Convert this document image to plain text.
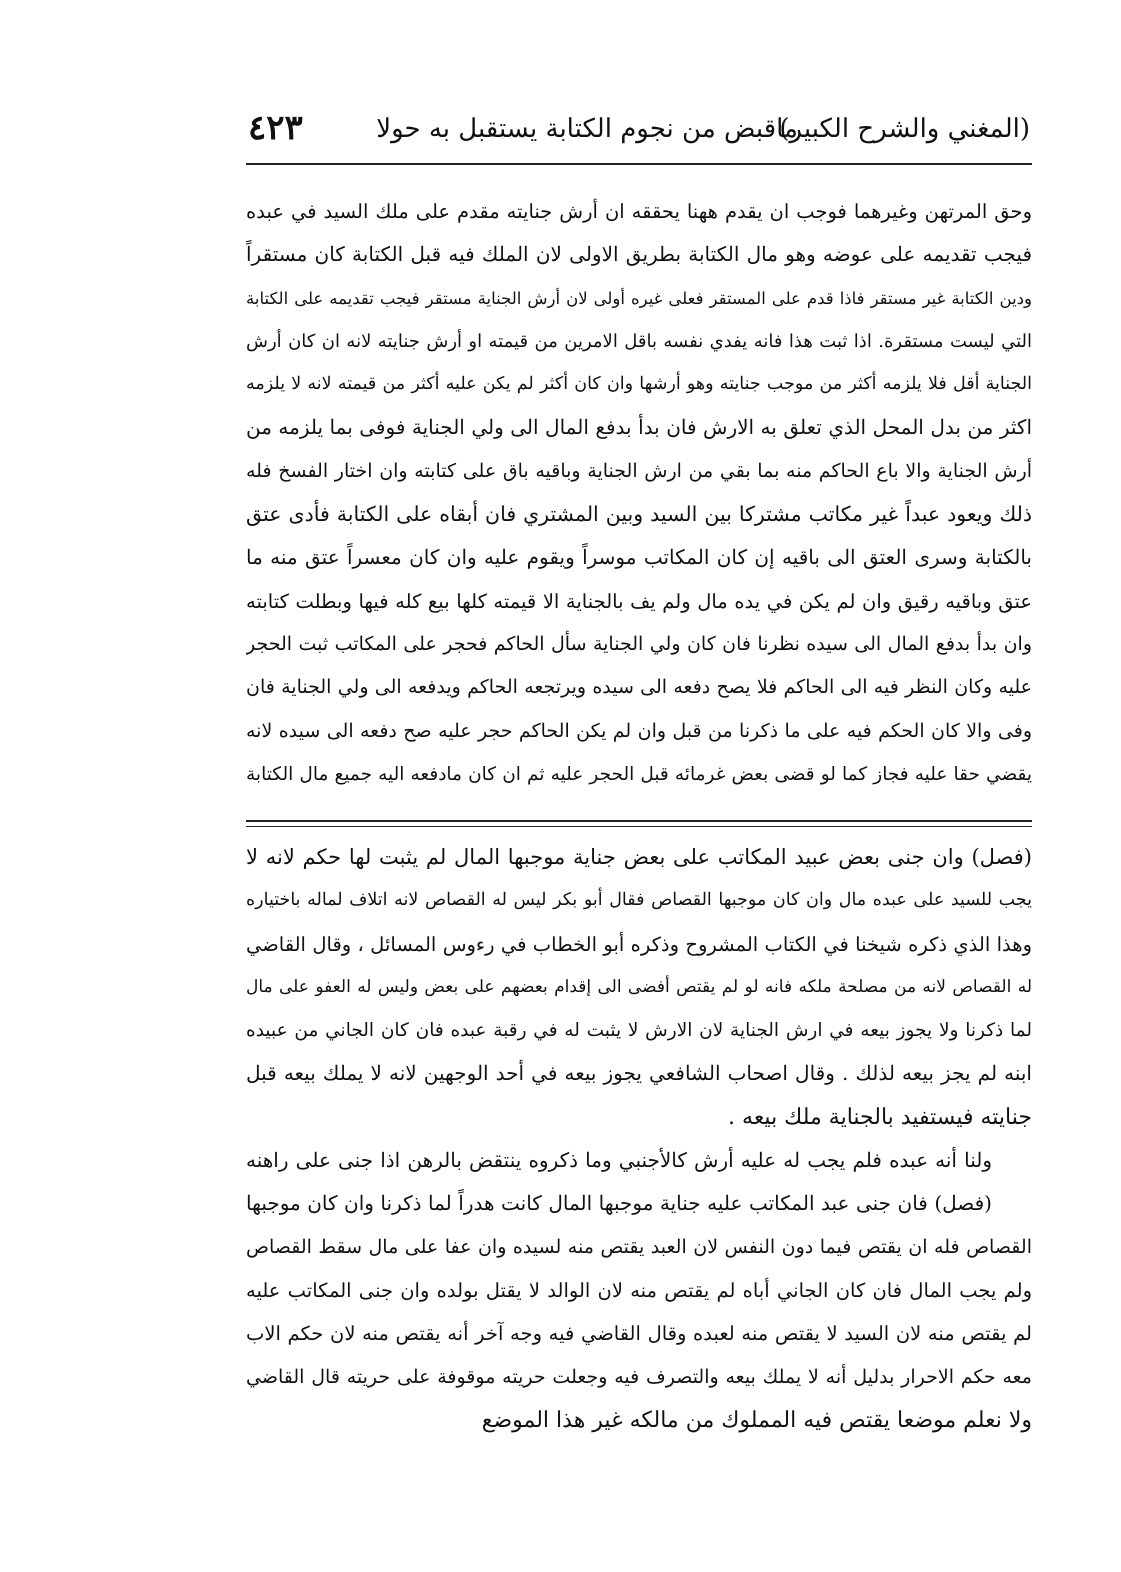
(المغني والشرح الكبير)
ماقبض من نجوم الكتابة يستقبل به حولا
٤٢٣
وحق المرتهن وغيرهما فوجب ان يقدم ههنا يحققه ان أرش جنايته مقدم على ملك السيد في عبده
فيجب تقديمه على عوضه وهو مال الكتابة بطريق الاولى لان الملك فيه قبل الكتابة كان مستقراً
ودين الكتابة غير مستقر فاذا قدم على المستقر فعلى غيره أولى لان أرش الجناية مستقر فيجب تقديمه على الكتابة
التي ليست مستقرة. اذا ثبت هذا فانه يفدي نفسه باقل الامرين من قيمته او أرش جنايته لانه ان كان أرش
الجناية أقل فلا يلزمه أكثر من موجب جنايته وهو أرشها وان كان أكثر لم يكن عليه أكثر من قيمته لانه لا يلزمه
اكثر من بدل المحل الذي تعلق به الارش فان بدأ بدفع المال الى ولي الجناية فوفى بما يلزمه من
أرش الجناية والا باع الحاكم منه بما بقي من ارش الجناية وباقيه باق على كتابته وان اختار الفسخ فله
ذلك ويعود عبداً غير مكاتب مشتركا بين السيد وبين المشتري فان أبقاه على الكتابة فأدى عتق
بالكتابة وسرى العتق الى باقيه إن كان المكاتب موسراً ويقوم عليه وان كان معسراً عتق منه ما
عتق وباقيه رقيق وان لم يكن في يده مال ولم يف بالجناية الا قيمته كلها بيع كله فيها وبطلت كتابته
وان بدأ بدفع المال الى سيده نظرنا فان كان ولي الجناية سأل الحاكم فحجر على المكاتب ثبت الحجر
عليه وكان النظر فيه الى الحاكم فلا يصح دفعه الى سيده ويرتجعه الحاكم ويدفعه الى ولي الجناية فان
وفى والا كان الحكم فيه على ما ذكرنا من قبل وان لم يكن الحاكم حجر عليه صح دفعه الى سيده لانه
يقضي حقا عليه فجاز كما لو قضى بعض غرمائه قبل الحجر عليه ثم ان كان مادفعه اليه جميع مال الكتابة
(فصل) وان جنى بعض عبيد المكاتب على بعض جناية موجبها المال لم يثبت لها حكم لانه لا
يجب للسيد على عبده مال وان كان موجبها القصاص فقال أبو بكر ليس له القصاص لانه اتلاف لماله باختياره
وهذا الذي ذكره شيخنا في الكتاب المشروح وذكره أبو الخطاب في رءوس المسائل ، وقال القاضي
له القصاص لانه من مصلحة ملكه فانه لو لم يقتص أفضى الى إقدام بعضهم على بعض وليس له العفو على مال
لما ذكرنا ولا يجوز بيعه في ارش الجناية لان الارش لا يثبت له في رقبة عبده فان كان الجاني من عبيده
ابنه لم يجز بيعه لذلك . وقال اصحاب الشافعي يجوز بيعه في أحد الوجهين لانه لا يملك بيعه قبل
جنايته فيستفيد بالجناية ملك بيعه .
ولنا أنه عبده فلم يجب له عليه أرش كالأجنبي وما ذكروه ينتقض بالرهن اذا جنى على راهنه
(فصل) فان جنى عبد المكاتب عليه جناية موجبها المال كانت هدراً لما ذكرنا وان كان موجبها
القصاص فله ان يقتص فيما دون النفس لان العبد يقتص منه لسيده وان عفا على مال سقط القصاص
ولم يجب المال فان كان الجاني أباه لم يقتص منه لان الوالد لا يقتل بولده وان جنى المكاتب عليه
لم يقتص منه لان السيد لا يقتص منه لعبده وقال القاضي فيه وجه آخر أنه يقتص منه لان حكم الاب
معه حكم الاحرار بدليل أنه لا يملك بيعه والتصرف فيه وجعلت حريته موقوفة على حريته قال القاضي
ولا نعلم موضعا يقتص فيه المملوك من مالكه غير هذا الموضع
